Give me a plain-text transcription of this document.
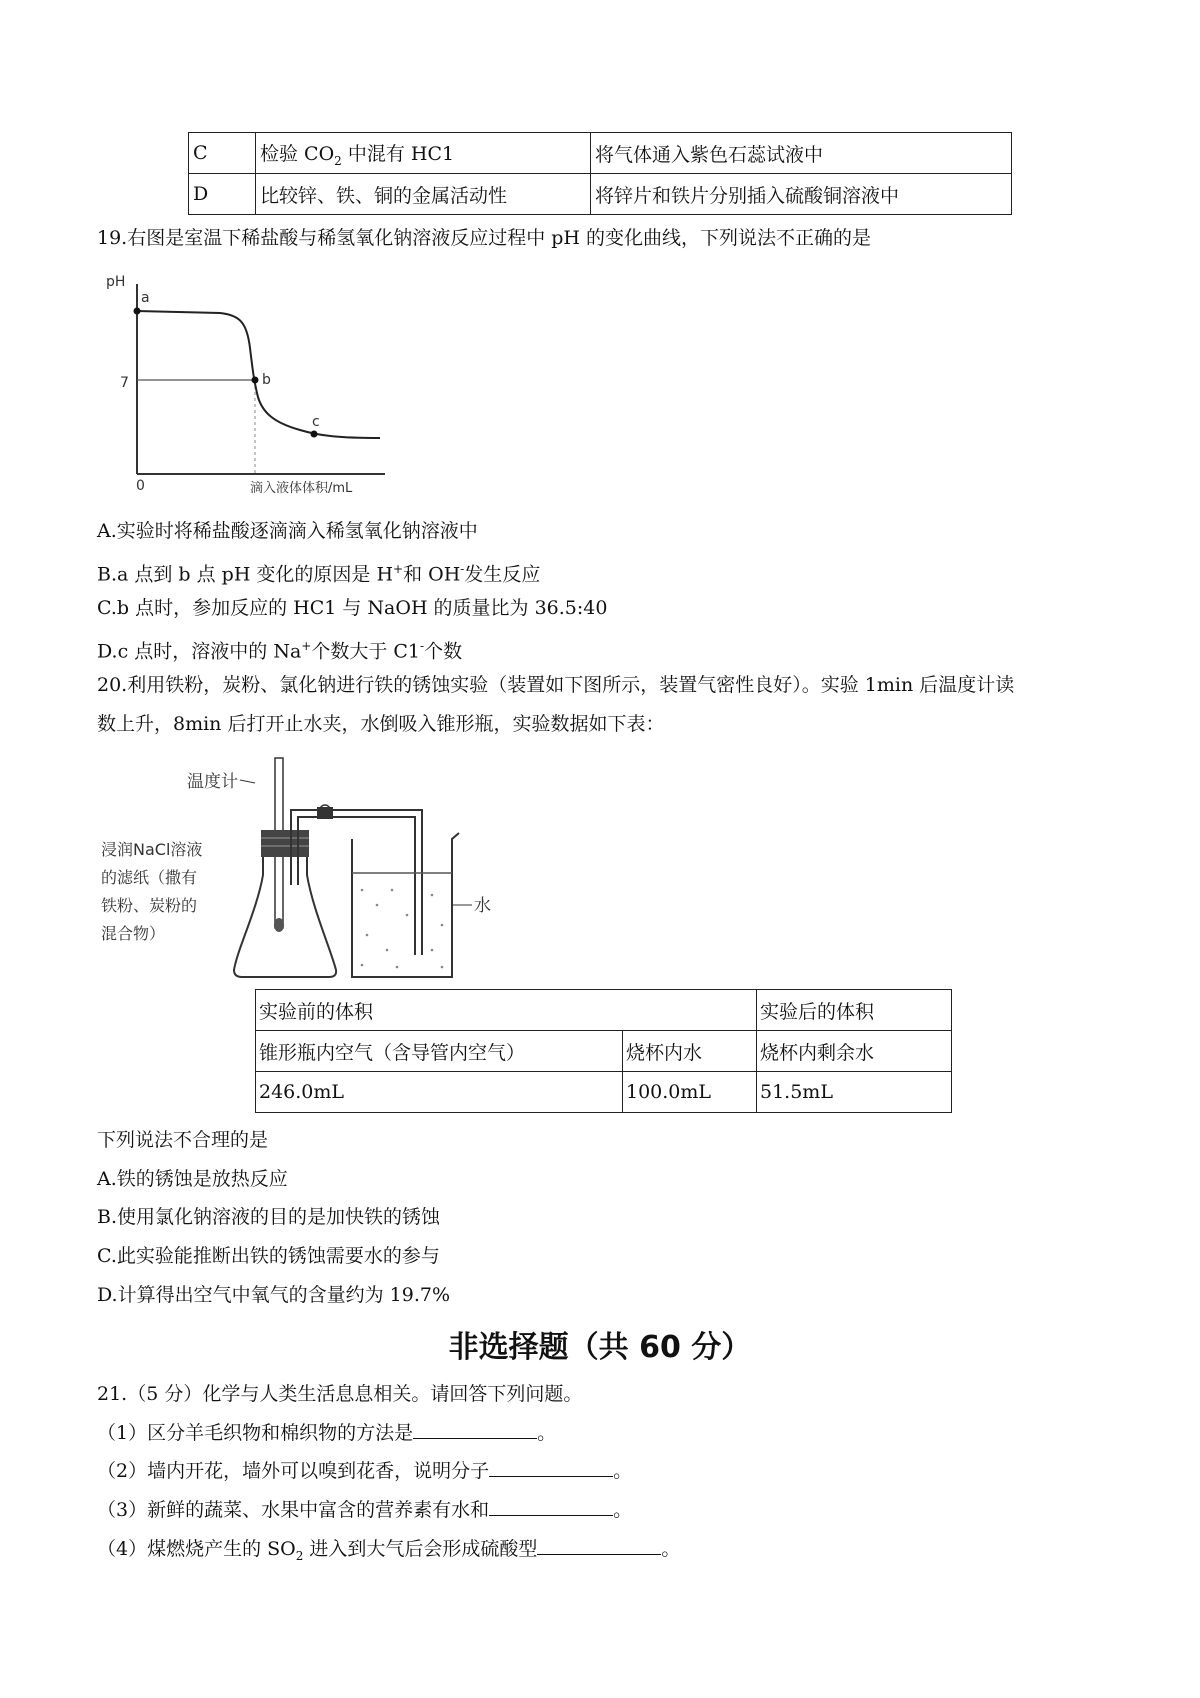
C	检验 $CO_2$ 中混有 HC1	将气体通入紫色石蕊试液中
D	比较锌、铁、铜的金属活动性	将锌片和铁片分别插入硫酸铜溶液中
19.右图是室温下稀盐酸与稀氢氧化钠溶液反应过程中 pH 的变化曲线，下列说法不正确的是
pH
7
0	滴入液体体积/mL
a
b
c
A.实验时将稀盐酸逐滴滴入稀氢氧化钠溶液中
B.a 点到 b 点 pH 变化的原因是 H+和 OH-发生反应
C.b 点时，参加反应的 HC1 与 NaOH 的质量比为 36.5:40
D.c 点时，溶液中的 Na+个数大于 C1-个数
20.利用铁粉，炭粉、氯化钠进行铁的锈蚀实验（装置如下图所示，装置气密性良好）。实验 1min 后温度计读
数上升，8min 后打开止水夹，水倒吸入锥形瓶，实验数据如下表：
温度计
浸润NaCl溶液
的滤纸（撒有
铁粉、炭粉的
混合物）
水
实验前的体积		实验后的体积
锥形瓶内空气（含导管内空气）	烧杯内水	烧杯内剩余水
246.0mL	100.0mL	51.5mL
下列说法不合理的是
A.铁的锈蚀是放热反应
B.使用氯化钠溶液的目的是加快铁的锈蚀
C.此实验能推断出铁的锈蚀需要水的参与
D.计算得出空气中氧气的含量约为 19.7%
非选择题（共 60 分）
21.（5 分）化学与人类生活息息相关。请回答下列问题。
（1）区分羊毛织物和棉织物的方法是	。
（2）墙内开花，墙外可以嗅到花香，说明分子	。
（3）新鲜的蔬菜、水果中富含的营养素有水和	。
（4）煤燃烧产生的 $SO_2$ 进入到大气后会形成硫酸型	。
